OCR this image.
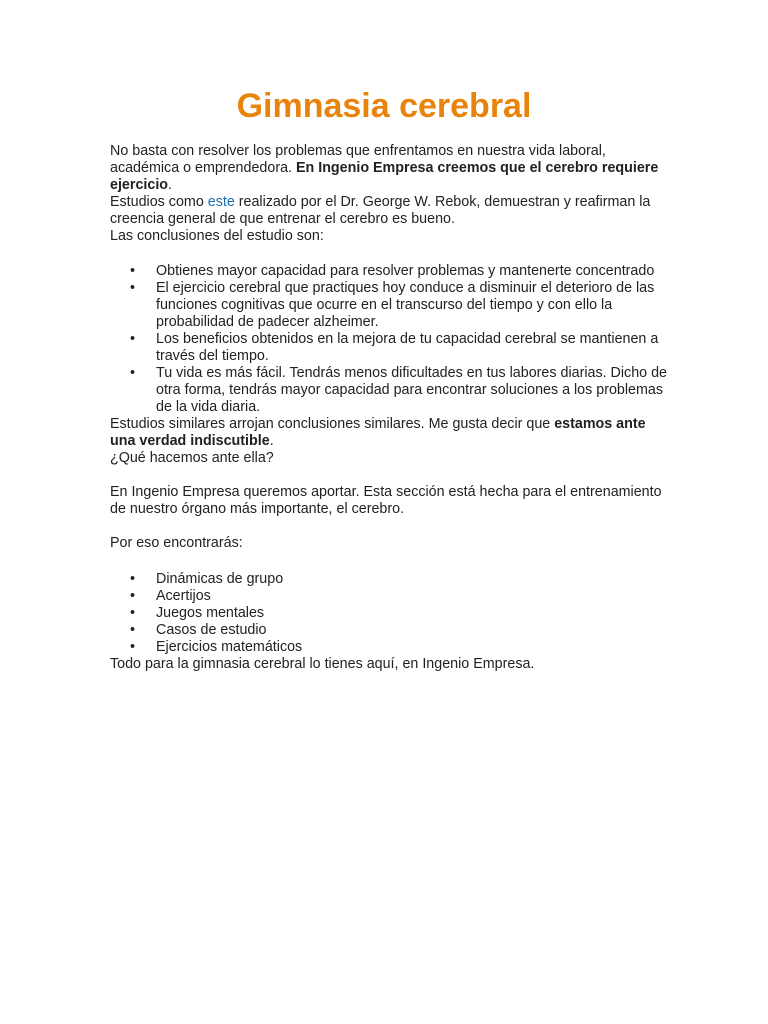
Gimnasia cerebral

No basta con resolver los problemas que enfrentamos en nuestra vida laboral, académica o emprendedora. En Ingenio Empresa creemos que el cerebro requiere ejercicio.

Estudios como este realizado por el Dr. George W. Rebok, demuestran y reafirman la creencia general de que entrenar el cerebro es bueno.

Las conclusiones del estudio son:

• Obtienes mayor capacidad para resolver problemas y mantenerte concentrado
• El ejercicio cerebral que practiques hoy conduce a disminuir el deterioro de las funciones cognitivas que ocurre en el transcurso del tiempo y con ello la probabilidad de padecer alzheimer.
• Los beneficios obtenidos en la mejora de tu capacidad cerebral se mantienen a través del tiempo.
• Tu vida es más fácil. Tendrás menos dificultades en tus labores diarias. Dicho de otra forma, tendrás mayor capacidad para encontrar soluciones a los problemas de la vida diaria.

Estudios similares arrojan conclusiones similares. Me gusta decir que estamos ante una verdad indiscutible.

¿Qué hacemos ante ella?

En Ingenio Empresa queremos aportar. Esta sección está hecha para el entrenamiento de nuestro órgano más importante, el cerebro.

Por eso encontrarás:

• Dinámicas de grupo
• Acertijos
• Juegos mentales
• Casos de estudio
• Ejercicios matemáticos

Todo para la gimnasia cerebral lo tienes aquí, en Ingenio Empresa.
